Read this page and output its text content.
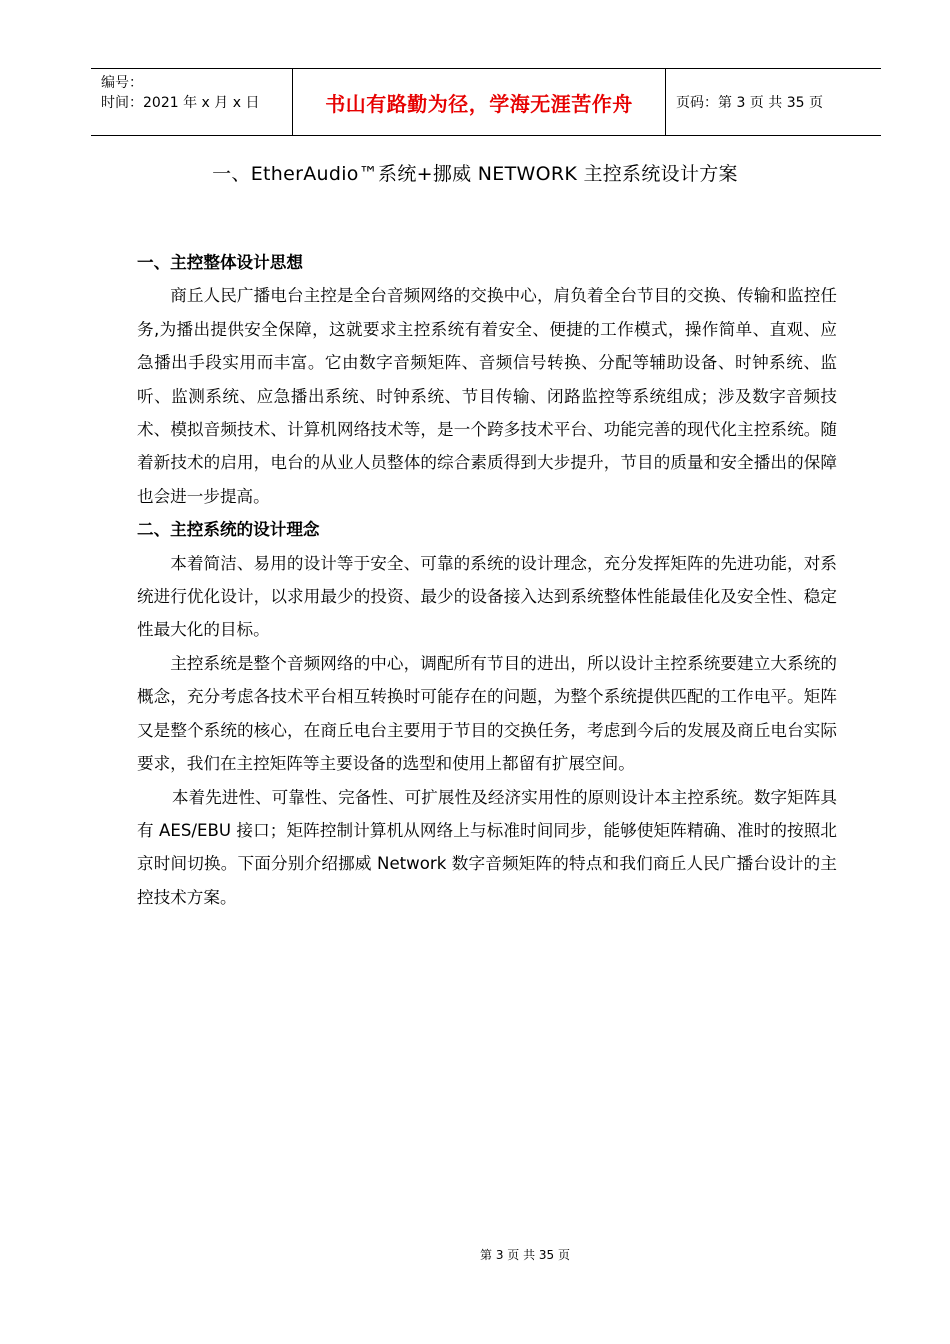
编号：
时间：2021 年 x 月 x 日	书山有路勤为径，学海无涯苦作舟	页码：第 3 页 共 35 页
一、EtherAudio™系统+挪威 NETWORK 主控系统设计方案

一、主控整体设计思想

商丘人民广播电台主控是全台音频网络的交换中心，肩负着全台节目的交换、传输和监控任务,为播出提供安全保障，这就要求主控系统有着安全、便捷的工作模式，操作简单、直观、应急播出手段实用而丰富。它由数字音频矩阵、音频信号转换、分配等辅助设备、时钟系统、监听、监测系统、应急播出系统、时钟系统、节目传输、闭路监控等系统组成；涉及数字音频技术、模拟音频技术、计算机网络技术等，是一个跨多技术平台、功能完善的现代化主控系统。随着新技术的启用，电台的从业人员整体的综合素质得到大步提升，节目的质量和安全播出的保障也会进一步提高。

二、主控系统的设计理念

本着简洁、易用的设计等于安全、可靠的系统的设计理念，充分发挥矩阵的先进功能，对系统进行优化设计，以求用最少的投资、最少的设备接入达到系统整体性能最佳化及安全性、稳定性最大化的目标。

主控系统是整个音频网络的中心，调配所有节目的进出，所以设计主控系统要建立大系统的概念，充分考虑各技术平台相互转换时可能存在的问题，为整个系统提供匹配的工作电平。矩阵又是整个系统的核心，在商丘电台主要用于节目的交换任务，考虑到今后的发展及商丘电台实际要求，我们在主控矩阵等主要设备的选型和使用上都留有扩展空间。

本着先进性、可靠性、完备性、可扩展性及经济实用性的原则设计本主控系统。数字矩阵具有 AES/EBU 接口；矩阵控制计算机从网络上与标准时间同步，能够使矩阵精确、准时的按照北京时间切换。下面分别介绍挪威 Network 数字音频矩阵的特点和我们商丘人民广播台设计的主控技术方案。

第 3 页 共 35 页
